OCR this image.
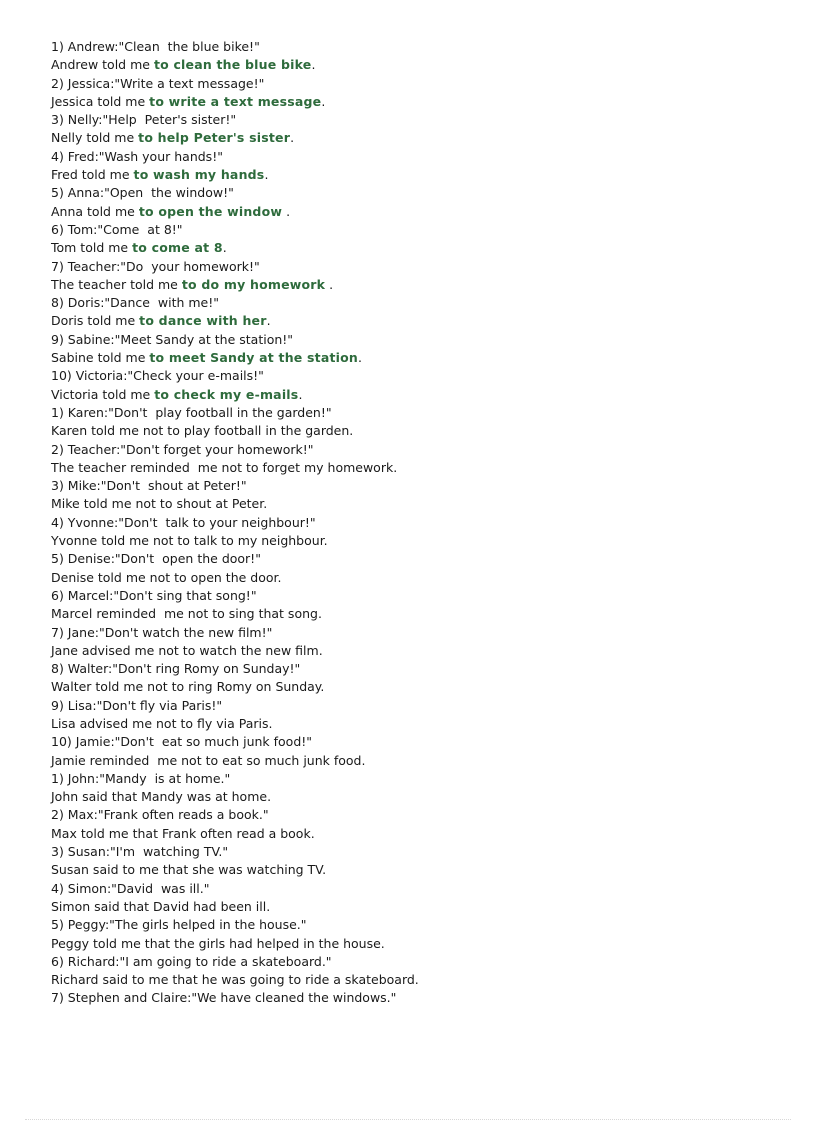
1) Andrew:"Clean  the blue bike!"
Andrew told me to clean the blue bike.
2) Jessica:"Write a text message!"
Jessica told me to write a text message.
3) Nelly:"Help  Peter's sister!"
Nelly told me to help Peter's sister.
4) Fred:"Wash your hands!"
Fred told me to wash my hands.
5) Anna:"Open  the window!"
Anna told me to open the window .
6) Tom:"Come  at 8!"
Tom told me to come at 8.
7) Teacher:"Do  your homework!"
The teacher told me to do my homework .
8) Doris:"Dance  with me!"
Doris told me to dance with her.
9) Sabine:"Meet Sandy at the station!"
Sabine told me to meet Sandy at the station.
10) Victoria:"Check your e-mails!"
Victoria told me to check my e-mails.
1) Karen:"Don't  play football in the garden!"
Karen told me not to play football in the garden.
2) Teacher:"Don't forget your homework!"
The teacher reminded  me not to forget my homework.
3) Mike:"Don't  shout at Peter!"
Mike told me not to shout at Peter.
4) Yvonne:"Don't  talk to your neighbour!"
Yvonne told me not to talk to my neighbour.
5) Denise:"Don't  open the door!"
Denise told me not to open the door.
6) Marcel:"Don't sing that song!"
Marcel reminded  me not to sing that song.
7) Jane:"Don't watch the new film!"
Jane advised me not to watch the new film.
8) Walter:"Don't ring Romy on Sunday!"
Walter told me not to ring Romy on Sunday.
9) Lisa:"Don't fly via Paris!"
Lisa advised me not to fly via Paris.
10) Jamie:"Don't  eat so much junk food!"
Jamie reminded  me not to eat so much junk food.
1) John:"Mandy  is at home."
John said that Mandy was at home.
2) Max:"Frank often reads a book."
Max told me that Frank often read a book.
3) Susan:"I'm  watching TV."
Susan said to me that she was watching TV.
4) Simon:"David  was ill."
Simon said that David had been ill.
5) Peggy:"The girls helped in the house."
Peggy told me that the girls had helped in the house.
6) Richard:"I am going to ride a skateboard."
Richard said to me that he was going to ride a skateboard.
7) Stephen and Claire:"We have cleaned the windows."
